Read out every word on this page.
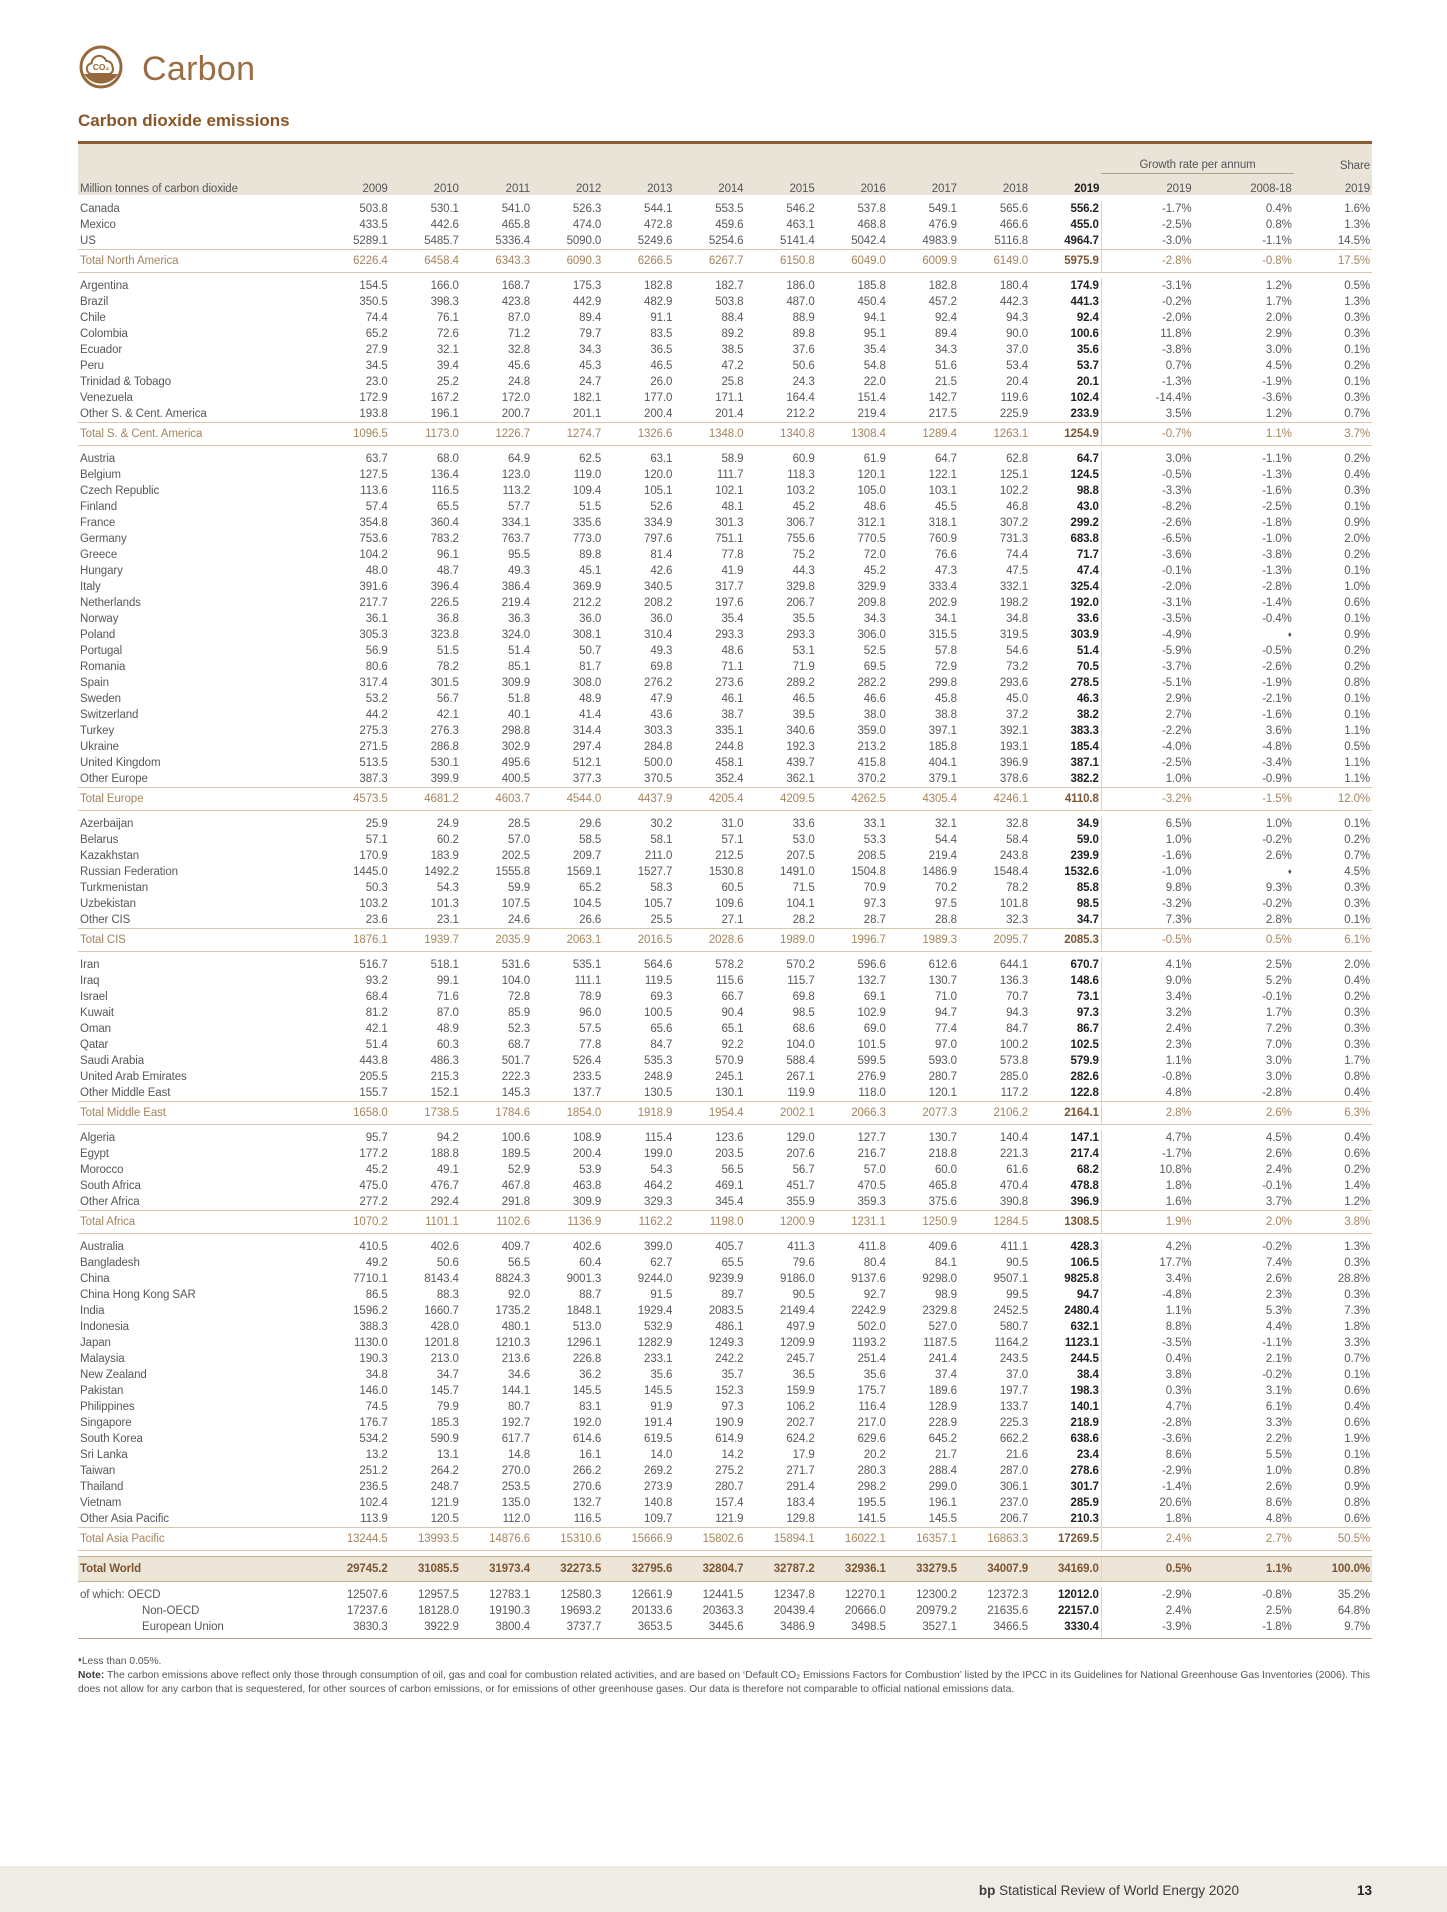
CO₂ Carbon
Carbon dioxide emissions
												Growth rate per annum		Share
Million tonnes of carbon dioxide	2009	2010	2011	2012	2013	2014	2015	2016	2017	2018	2019	2019	2008-18	2019

Canada	503.8	530.1	541.0	526.3	544.1	553.5	546.2	537.8	549.1	565.6	556.2	-1.7%	0.4%	1.6%
Mexico	433.5	442.6	465.8	474.0	472.8	459.6	463.1	468.8	476.9	466.6	455.0	-2.5%	0.8%	1.3%
US	5289.1	5485.7	5336.4	5090.0	5249.6	5254.6	5141.4	5042.4	4983.9	5116.8	4964.7	-3.0%	-1.1%	14.5%
Total North America	6226.4	6458.4	6343.3	6090.3	6266.5	6267.7	6150.8	6049.0	6009.9	6149.0	5975.9	-2.8%	-0.8%	17.5%

Argentina	154.5	166.0	168.7	175.3	182.8	182.7	186.0	185.8	182.8	180.4	174.9	-3.1%	1.2%	0.5%
Brazil	350.5	398.3	423.8	442.9	482.9	503.8	487.0	450.4	457.2	442.3	441.3	-0.2%	1.7%	1.3%
Chile	74.4	76.1	87.0	89.4	91.1	88.4	88.9	94.1	92.4	94.3	92.4	-2.0%	2.0%	0.3%
Colombia	65.2	72.6	71.2	79.7	83.5	89.2	89.8	95.1	89.4	90.0	100.6	11.8%	2.9%	0.3%
Ecuador	27.9	32.1	32.8	34.3	36.5	38.5	37.6	35.4	34.3	37.0	35.6	-3.8%	3.0%	0.1%
Peru	34.5	39.4	45.6	45.3	46.5	47.2	50.6	54.8	51.6	53.4	53.7	0.7%	4.5%	0.2%
Trinidad & Tobago	23.0	25.2	24.8	24.7	26.0	25.8	24.3	22.0	21.5	20.4	20.1	-1.3%	-1.9%	0.1%
Venezuela	172.9	167.2	172.0	182.1	177.0	171.1	164.4	151.4	142.7	119.6	102.4	-14.4%	-3.6%	0.3%
Other S. & Cent. America	193.8	196.1	200.7	201.1	200.4	201.4	212.2	219.4	217.5	225.9	233.9	3.5%	1.2%	0.7%
Total S. & Cent. America	1096.5	1173.0	1226.7	1274.7	1326.6	1348.0	1340.8	1308.4	1289.4	1263.1	1254.9	-0.7%	1.1%	3.7%

Austria	63.7	68.0	64.9	62.5	63.1	58.9	60.9	61.9	64.7	62.8	64.7	3.0%	-1.1%	0.2%
Belgium	127.5	136.4	123.0	119.0	120.0	111.7	118.3	120.1	122.1	125.1	124.5	-0.5%	-1.3%	0.4%
Czech Republic	113.6	116.5	113.2	109.4	105.1	102.1	103.2	105.0	103.1	102.2	98.8	-3.3%	-1.6%	0.3%
Finland	57.4	65.5	57.7	51.5	52.6	48.1	45.2	48.6	45.5	46.8	43.0	-8.2%	-2.5%	0.1%
France	354.8	360.4	334.1	335.6	334.9	301.3	306.7	312.1	318.1	307.2	299.2	-2.6%	-1.8%	0.9%
Germany	753.6	783.2	763.7	773.0	797.6	751.1	755.6	770.5	760.9	731.3	683.8	-6.5%	-1.0%	2.0%
Greece	104.2	96.1	95.5	89.8	81.4	77.8	75.2	72.0	76.6	74.4	71.7	-3.6%	-3.8%	0.2%
Hungary	48.0	48.7	49.3	45.1	42.6	41.9	44.3	45.2	47.3	47.5	47.4	-0.1%	-1.3%	0.1%
Italy	391.6	396.4	386.4	369.9	340.5	317.7	329.8	329.9	333.4	332.1	325.4	-2.0%	-2.8%	1.0%
Netherlands	217.7	226.5	219.4	212.2	208.2	197.6	206.7	209.8	202.9	198.2	192.0	-3.1%	-1.4%	0.6%
Norway	36.1	36.8	36.3	36.0	36.0	35.4	35.5	34.3	34.1	34.8	33.6	-3.5%	-0.4%	0.1%
Poland	305.3	323.8	324.0	308.1	310.4	293.3	293.3	306.0	315.5	319.5	303.9	-4.9%	♦	0.9%
Portugal	56.9	51.5	51.4	50.7	49.3	48.6	53.1	52.5	57.8	54.6	51.4	-5.9%	-0.5%	0.2%
Romania	80.6	78.2	85.1	81.7	69.8	71.1	71.9	69.5	72.9	73.2	70.5	-3.7%	-2.6%	0.2%
Spain	317.4	301.5	309.9	308.0	276.2	273.6	289.2	282.2	299.8	293.6	278.5	-5.1%	-1.9%	0.8%
Sweden	53.2	56.7	51.8	48.9	47.9	46.1	46.5	46.6	45.8	45.0	46.3	2.9%	-2.1%	0.1%
Switzerland	44.2	42.1	40.1	41.4	43.6	38.7	39.5	38.0	38.8	37.2	38.2	2.7%	-1.6%	0.1%
Turkey	275.3	276.3	298.8	314.4	303.3	335.1	340.6	359.0	397.1	392.1	383.3	-2.2%	3.6%	1.1%
Ukraine	271.5	286.8	302.9	297.4	284.8	244.8	192.3	213.2	185.8	193.1	185.4	-4.0%	-4.8%	0.5%
United Kingdom	513.5	530.1	495.6	512.1	500.0	458.1	439.7	415.8	404.1	396.9	387.1	-2.5%	-3.4%	1.1%
Other Europe	387.3	399.9	400.5	377.3	370.5	352.4	362.1	370.2	379.1	378.6	382.2	1.0%	-0.9%	1.1%
Total Europe	4573.5	4681.2	4603.7	4544.0	4437.9	4205.4	4209.5	4262.5	4305.4	4246.1	4110.8	-3.2%	-1.5%	12.0%

Azerbaijan	25.9	24.9	28.5	29.6	30.2	31.0	33.6	33.1	32.1	32.8	34.9	6.5%	1.0%	0.1%
Belarus	57.1	60.2	57.0	58.5	58.1	57.1	53.0	53.3	54.4	58.4	59.0	1.0%	-0.2%	0.2%
Kazakhstan	170.9	183.9	202.5	209.7	211.0	212.5	207.5	208.5	219.4	243.8	239.9	-1.6%	2.6%	0.7%
Russian Federation	1445.0	1492.2	1555.8	1569.1	1527.7	1530.8	1491.0	1504.8	1486.9	1548.4	1532.6	-1.0%	♦	4.5%
Turkmenistan	50.3	54.3	59.9	65.2	58.3	60.5	71.5	70.9	70.2	78.2	85.8	9.8%	9.3%	0.3%
Uzbekistan	103.2	101.3	107.5	104.5	105.7	109.6	104.1	97.3	97.5	101.8	98.5	-3.2%	-0.2%	0.3%
Other CIS	23.6	23.1	24.6	26.6	25.5	27.1	28.2	28.7	28.8	32.3	34.7	7.3%	2.8%	0.1%
Total CIS	1876.1	1939.7	2035.9	2063.1	2016.5	2028.6	1989.0	1996.7	1989.3	2095.7	2085.3	-0.5%	0.5%	6.1%

Iran	516.7	518.1	531.6	535.1	564.6	578.2	570.2	596.6	612.6	644.1	670.7	4.1%	2.5%	2.0%
Iraq	93.2	99.1	104.0	111.1	119.5	115.6	115.7	132.7	130.7	136.3	148.6	9.0%	5.2%	0.4%
Israel	68.4	71.6	72.8	78.9	69.3	66.7	69.8	69.1	71.0	70.7	73.1	3.4%	-0.1%	0.2%
Kuwait	81.2	87.0	85.9	96.0	100.5	90.4	98.5	102.9	94.7	94.3	97.3	3.2%	1.7%	0.3%
Oman	42.1	48.9	52.3	57.5	65.6	65.1	68.6	69.0	77.4	84.7	86.7	2.4%	7.2%	0.3%
Qatar	51.4	60.3	68.7	77.8	84.7	92.2	104.0	101.5	97.0	100.2	102.5	2.3%	7.0%	0.3%
Saudi Arabia	443.8	486.3	501.7	526.4	535.3	570.9	588.4	599.5	593.0	573.8	579.9	1.1%	3.0%	1.7%
United Arab Emirates	205.5	215.3	222.3	233.5	248.9	245.1	267.1	276.9	280.7	285.0	282.6	-0.8%	3.0%	0.8%
Other Middle East	155.7	152.1	145.3	137.7	130.5	130.1	119.9	118.0	120.1	117.2	122.8	4.8%	-2.8%	0.4%
Total Middle East	1658.0	1738.5	1784.6	1854.0	1918.9	1954.4	2002.1	2066.3	2077.3	2106.2	2164.1	2.8%	2.6%	6.3%

Algeria	95.7	94.2	100.6	108.9	115.4	123.6	129.0	127.7	130.7	140.4	147.1	4.7%	4.5%	0.4%
Egypt	177.2	188.8	189.5	200.4	199.0	203.5	207.6	216.7	218.8	221.3	217.4	-1.7%	2.6%	0.6%
Morocco	45.2	49.1	52.9	53.9	54.3	56.5	56.7	57.0	60.0	61.6	68.2	10.8%	2.4%	0.2%
South Africa	475.0	476.7	467.8	463.8	464.2	469.1	451.7	470.5	465.8	470.4	478.8	1.8%	-0.1%	1.4%
Other Africa	277.2	292.4	291.8	309.9	329.3	345.4	355.9	359.3	375.6	390.8	396.9	1.6%	3.7%	1.2%
Total Africa	1070.2	1101.1	1102.6	1136.9	1162.2	1198.0	1200.9	1231.1	1250.9	1284.5	1308.5	1.9%	2.0%	3.8%

Australia	410.5	402.6	409.7	402.6	399.0	405.7	411.3	411.8	409.6	411.1	428.3	4.2%	-0.2%	1.3%
Bangladesh	49.2	50.6	56.5	60.4	62.7	65.5	79.6	80.4	84.1	90.5	106.5	17.7%	7.4%	0.3%
China	7710.1	8143.4	8824.3	9001.3	9244.0	9239.9	9186.0	9137.6	9298.0	9507.1	9825.8	3.4%	2.6%	28.8%
China Hong Kong SAR	86.5	88.3	92.0	88.7	91.5	89.7	90.5	92.7	98.9	99.5	94.7	-4.8%	2.3%	0.3%
India	1596.2	1660.7	1735.2	1848.1	1929.4	2083.5	2149.4	2242.9	2329.8	2452.5	2480.4	1.1%	5.3%	7.3%
Indonesia	388.3	428.0	480.1	513.0	532.9	486.1	497.9	502.0	527.0	580.7	632.1	8.8%	4.4%	1.8%
Japan	1130.0	1201.8	1210.3	1296.1	1282.9	1249.3	1209.9	1193.2	1187.5	1164.2	1123.1	-3.5%	-1.1%	3.3%
Malaysia	190.3	213.0	213.6	226.8	233.1	242.2	245.7	251.4	241.4	243.5	244.5	0.4%	2.1%	0.7%
New Zealand	34.8	34.7	34.6	36.2	35.6	35.7	36.5	35.6	37.4	37.0	38.4	3.8%	-0.2%	0.1%
Pakistan	146.0	145.7	144.1	145.5	145.5	152.3	159.9	175.7	189.6	197.7	198.3	0.3%	3.1%	0.6%
Philippines	74.5	79.9	80.7	83.1	91.9	97.3	106.2	116.4	128.9	133.7	140.1	4.7%	6.1%	0.4%
Singapore	176.7	185.3	192.7	192.0	191.4	190.9	202.7	217.0	228.9	225.3	218.9	-2.8%	3.3%	0.6%
South Korea	534.2	590.9	617.7	614.6	619.5	614.9	624.2	629.6	645.2	662.2	638.6	-3.6%	2.2%	1.9%
Sri Lanka	13.2	13.1	14.8	16.1	14.0	14.2	17.9	20.2	21.7	21.6	23.4	8.6%	5.5%	0.1%
Taiwan	251.2	264.2	270.0	266.2	269.2	275.2	271.7	280.3	288.4	287.0	278.6	-2.9%	1.0%	0.8%
Thailand	236.5	248.7	253.5	270.6	273.9	280.7	291.4	298.2	299.0	306.1	301.7	-1.4%	2.6%	0.9%
Vietnam	102.4	121.9	135.0	132.7	140.8	157.4	183.4	195.5	196.1	237.0	285.9	20.6%	8.6%	0.8%
Other Asia Pacific	113.9	120.5	112.0	116.5	109.7	121.9	129.8	141.5	145.5	206.7	210.3	1.8%	4.8%	0.6%
Total Asia Pacific	13244.5	13993.5	14876.6	15310.6	15666.9	15802.6	15894.1	16022.1	16357.1	16863.3	17269.5	2.4%	2.7%	50.5%

Total World	29745.2	31085.5	31973.4	32273.5	32795.6	32804.7	32787.2	32936.1	33279.5	34007.9	34169.0	0.5%	1.1%	100.0%

of which: OECD	12507.6	12957.5	12783.1	12580.3	12661.9	12441.5	12347.8	12270.1	12300.2	12372.3	12012.0	-2.9%	-0.8%	35.2%
Non-OECD	17237.6	18128.0	19190.3	19693.2	20133.6	20363.3	20439.4	20666.0	20979.2	21635.6	22157.0	2.4%	2.5%	64.8%
European Union	3830.3	3922.9	3800.4	3737.7	3653.5	3445.6	3486.9	3498.5	3527.1	3466.5	3330.4	-3.9%	-1.8%	9.7%
♦Less than 0.05%.
Note: The carbon emissions above reflect only those through consumption of oil, gas and coal for combustion related activities, and are based on ‘Default CO₂ Emissions Factors for Combustion’ listed by the IPCC in its Guidelines for National Greenhouse Gas Inventories (2006). This does not allow for any carbon that is sequestered, for other sources of carbon emissions, or for emissions of other greenhouse gases. Our data is therefore not comparable to official national emissions data.
bp Statistical Review of World Energy 2020	13
